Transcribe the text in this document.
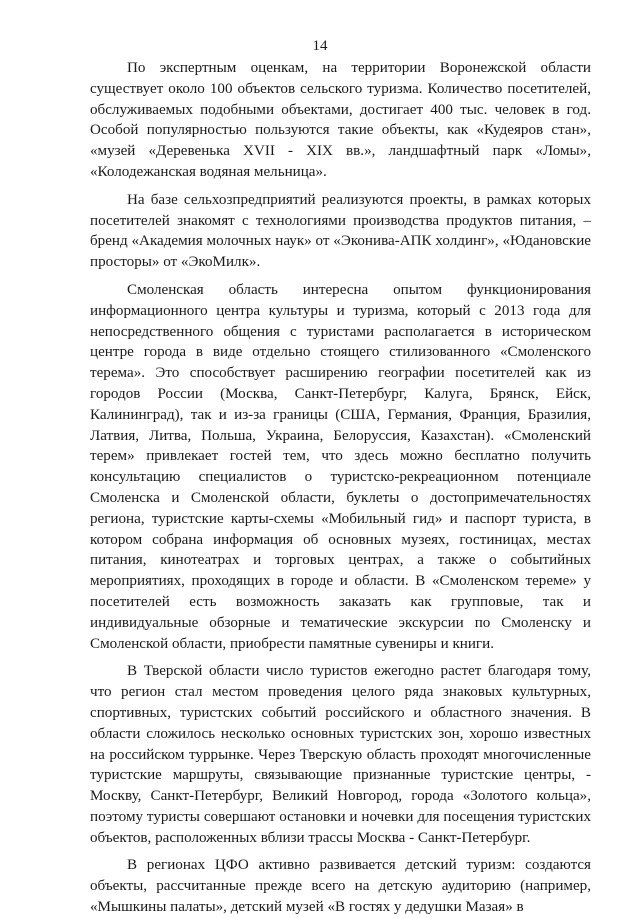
14

По экспертным оценкам, на территории Воронежской области существует около 100 объектов сельского туризма. Количество посетителей, обслуживаемых подобными объектами, достигает 400 тыс. человек в год. Особой популярностью пользуются такие объекты, как «Кудеяров стан», «музей «Деревенька XVII - XIX вв.», ландшафтный парк «Ломы», «Колодежанская водяная мельница».

На базе сельхозпредприятий реализуются проекты, в рамках которых посетителей знакомят с технологиями производства продуктов питания, – бренд «Академия молочных наук» от «Эконива-АПК холдинг», «Юдановские просторы» от «ЭкоМилк».

Смоленская область интересна опытом функционирования информационного центра культуры и туризма, который с 2013 года для непосредственного общения с туристами располагается в историческом центре города в виде отдельно стоящего стилизованного «Смоленского терема». Это способствует расширению географии посетителей как из городов России (Москва, Санкт-Петербург, Калуга, Брянск, Ейск, Калининград), так и из-за границы (США, Германия, Франция, Бразилия, Латвия, Литва, Польша, Украина, Белоруссия, Казахстан). «Смоленский терем» привлекает гостей тем, что здесь можно бесплатно получить консультацию специалистов о туристско-рекреационном потенциале Смоленска и Смоленской области, буклеты о достопримечательностях региона, туристские карты-схемы «Мобильный гид» и паспорт туриста, в котором собрана информация об основных музеях, гостиницах, местах питания, кинотеатрах и торговых центрах, а также о событийных мероприятиях, проходящих в городе и области. В «Смоленском тереме» у посетителей есть возможность заказать как групповые, так и индивидуальные обзорные и тематические экскурсии по Смоленску и Смоленской области, приобрести памятные сувениры и книги.

В Тверской области число туристов ежегодно растет благодаря тому, что регион стал местом проведения целого ряда знаковых культурных, спортивных, туристских событий российского и областного значения. В области сложилось несколько основных туристских зон, хорошо известных на российском туррынке. Через Тверскую область проходят многочисленные туристские маршруты, связывающие признанные туристские центры, - Москву, Санкт-Петербург, Великий Новгород, города «Золотого кольца», поэтому туристы совершают остановки и ночевки для посещения туристских объектов, расположенных вблизи трассы Москва - Санкт-Петербург.

В регионах ЦФО активно развивается детский туризм: создаются объекты, рассчитанные прежде всего на детскую аудиторию (например, «Мышкины палаты», детский музей «В гостях у дедушки Мазая» в
